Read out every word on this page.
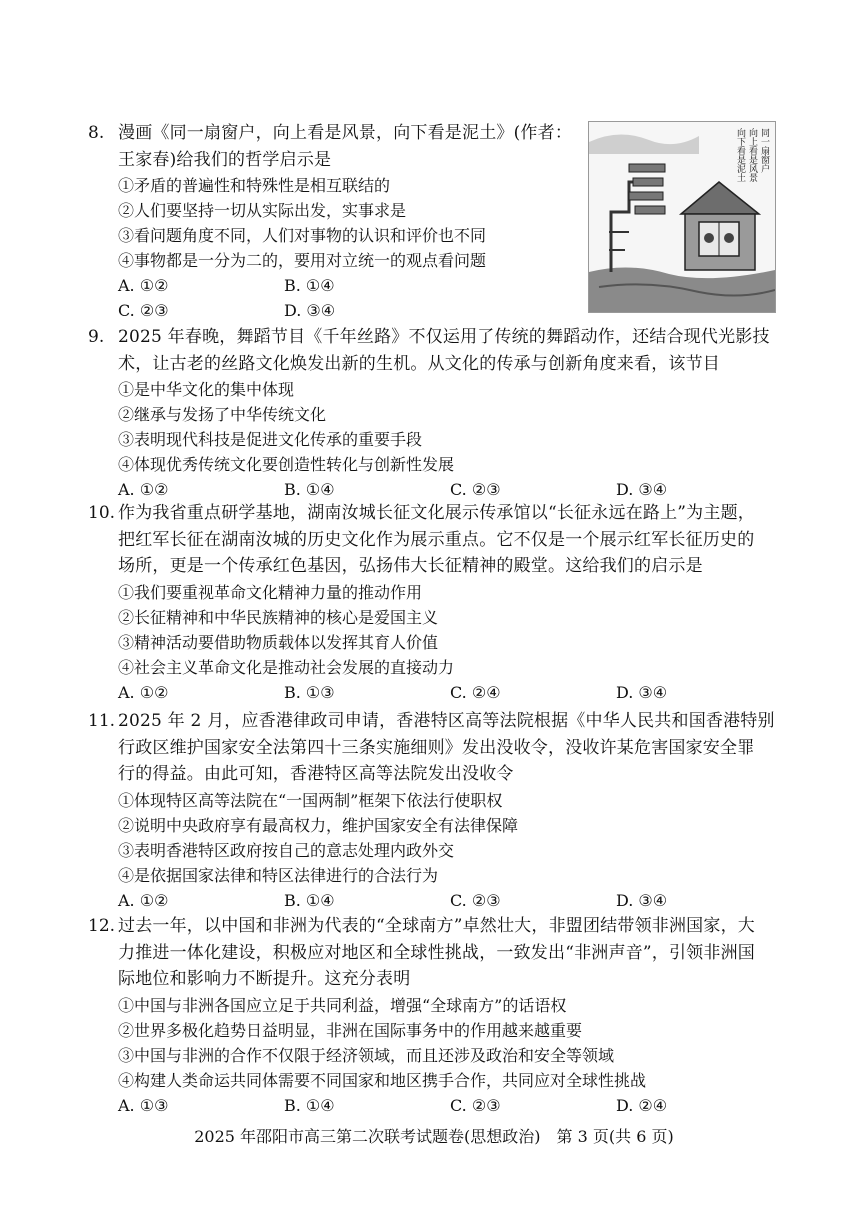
8. 漫画《同一扇窗户，向上看是风景，向下看是泥土》(作者：
王家春)给我们的哲学启示是
①矛盾的普遍性和特殊性是相互联结的
②人们要坚持一切从实际出发，实事求是
③看问题角度不同，人们对事物的认识和评价也不同
④事物都是一分为二的，要用对立统一的观点看问题
A. ①②	B. ①④
C. ②③	D. ③④
同一扇窗户
向上看是风景
向下看是泥土
9. 2025 年春晚，舞蹈节目《千年丝路》不仅运用了传统的舞蹈动作，还结合现代光影技
术，让古老的丝路文化焕发出新的生机。从文化的传承与创新角度来看，该节目
①是中华文化的集中体现
②继承与发扬了中华传统文化
③表明现代科技是促进文化传承的重要手段
④体现优秀传统文化要创造性转化与创新性发展
A. ①②	B. ①④	C. ②③	D. ③④
10. 作为我省重点研学基地，湖南汝城长征文化展示传承馆以“长征永远在路上”为主题，
把红军长征在湖南汝城的历史文化作为展示重点。它不仅是一个展示红军长征历史的
场所，更是一个传承红色基因，弘扬伟大长征精神的殿堂。这给我们的启示是
①我们要重视革命文化精神力量的推动作用
②长征精神和中华民族精神的核心是爱国主义
③精神活动要借助物质载体以发挥其育人价值
④社会主义革命文化是推动社会发展的直接动力
A. ①②	B. ①③	C. ②④	D. ③④
11. 2025 年 2 月，应香港律政司申请，香港特区高等法院根据《中华人民共和国香港特别
行政区维护国家安全法第四十三条实施细则》发出没收令，没收许某危害国家安全罪
行的得益。由此可知，香港特区高等法院发出没收令
①体现特区高等法院在“一国两制”框架下依法行使职权
②说明中央政府享有最高权力，维护国家安全有法律保障
③表明香港特区政府按自己的意志处理内政外交
④是依据国家法律和特区法律进行的合法行为
A. ①②	B. ①④	C. ②③	D. ③④
12. 过去一年，以中国和非洲为代表的“全球南方”卓然壮大，非盟团结带领非洲国家，大
力推进一体化建设，积极应对地区和全球性挑战，一致发出“非洲声音”，引领非洲国
际地位和影响力不断提升。这充分表明
①中国与非洲各国应立足于共同利益，增强“全球南方”的话语权
②世界多极化趋势日益明显，非洲在国际事务中的作用越来越重要
③中国与非洲的合作不仅限于经济领域，而且还涉及政治和安全等领域
④构建人类命运共同体需要不同国家和地区携手合作，共同应对全球性挑战
A. ①③	B. ①④	C. ②③	D. ②④
2025 年邵阳市高三第二次联考试题卷(思想政治)　第 3 页(共 6 页)
